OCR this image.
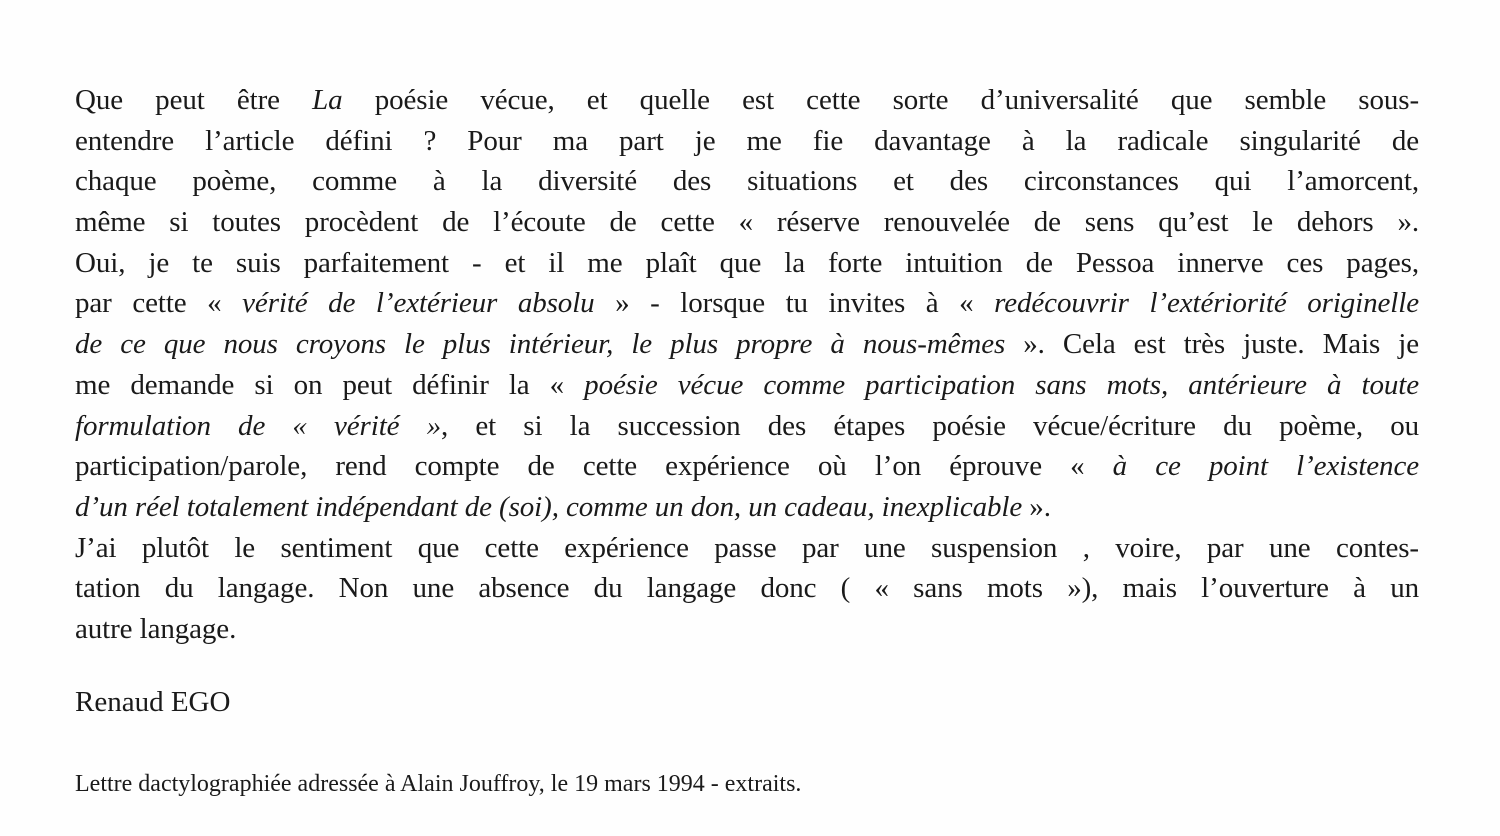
Que peut être La poésie vécue, et quelle est cette sorte d’universalité que semble sous-
entendre l’article défini ? Pour ma part je me fie davantage à la radicale singularité de
chaque poème, comme à la diversité des situations et des circonstances qui l’amorcent,
même si toutes procèdent de l’écoute de cette « réserve renouvelée de sens qu’est le dehors ».
Oui, je te suis parfaitement - et il me plaît que la forte intuition de Pessoa innerve ces pages,
par cette « vérité de l’extérieur absolu » - lorsque tu invites à « redécouvrir l’extériorité originelle
de ce que nous croyons le plus intérieur, le plus propre à nous-mêmes ». Cela est très juste. Mais je
me demande si on peut définir la « poésie vécue comme participation sans mots, antérieure à toute
formulation de « vérité », et si la succession des étapes poésie vécue/écriture du poème, ou
participation/parole, rend compte de cette expérience où l’on éprouve « à ce point l’existence
d’un réel totalement indépendant de (soi), comme un don, un cadeau, inexplicable ».
J’ai plutôt le sentiment que cette expérience passe par une suspension , voire, par une contes-
tation du langage. Non une absence du langage donc ( « sans mots »), mais l’ouverture à un
autre langage.
Renaud EGO
Lettre dactylographiée adressée à Alain Jouffroy, le 19 mars 1994 - extraits.
